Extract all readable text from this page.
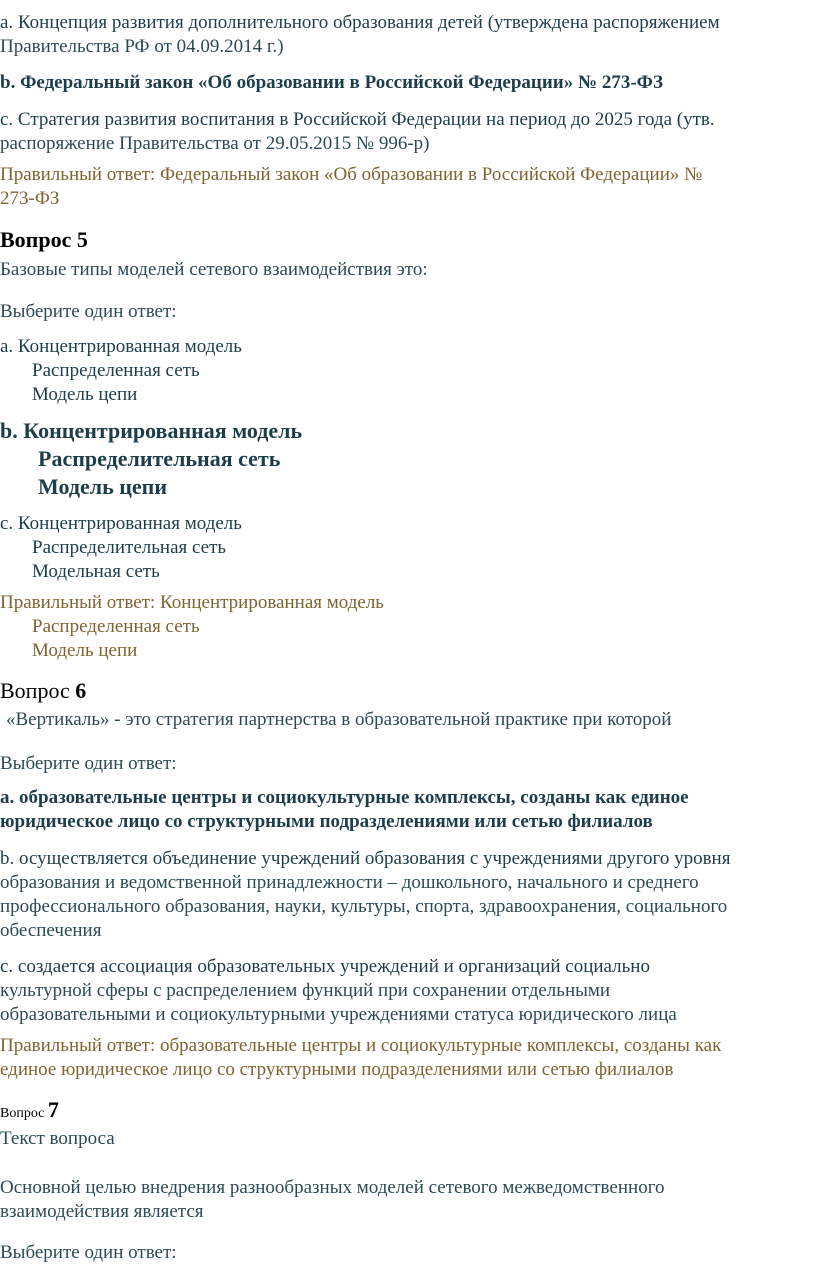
a. Концепция развития дополнительного образования детей (утверждена распоряжением
Правительства РФ от 04.09.2014 г.)
b. Федеральный закон «Об образовании в Российской Федерации» № 273-ФЗ
c. Стратегия развития воспитания в Российской Федерации на период до 2025 года (утв.
распоряжение Правительства от 29.05.2015 № 996-р)
Правильный ответ: Федеральный закон «Об образовании в Российской Федерации» №
273-ФЗ
Вопрос 5
Базовые типы моделей сетевого взаимодействия это:
Выберите один ответ:
a. Концентрированная модель
Распределенная сеть
Модель цепи
b. Концентрированная модель
Распределительная сеть
Модель цепи
c. Концентрированная модель
Распределительная сеть
Модельная сеть
Правильный ответ: Концентрированная модель
Распределенная сеть
Модель цепи
Вопрос 6
«Вертикаль» - это стратегия партнерства в образовательной практике при которой
Выберите один ответ:
a. образовательные центры и социокультурные комплексы, созданы как единое
юридическое лицо со структурными подразделениями или сетью филиалов
b. осуществляется объединение учреждений образования с учреждениями другого уровня
образования и ведомственной принадлежности – дошкольного, начального и среднего
профессионального образования, науки, культуры, спорта, здравоохранения, социального
обеспечения
c. создается ассоциация образовательных учреждений и организаций социально
культурной сферы с распределением функций при сохранении отдельными
образовательными и социокультурными учреждениями статуса юридического лица
Правильный ответ: образовательные центры и социокультурные комплексы, созданы как
единое юридическое лицо со структурными подразделениями или сетью филиалов
Вопрос 7
Текст вопроса
Основной целью внедрения разнообразных моделей сетевого межведомственного
взаимодействия является
Выберите один ответ:
